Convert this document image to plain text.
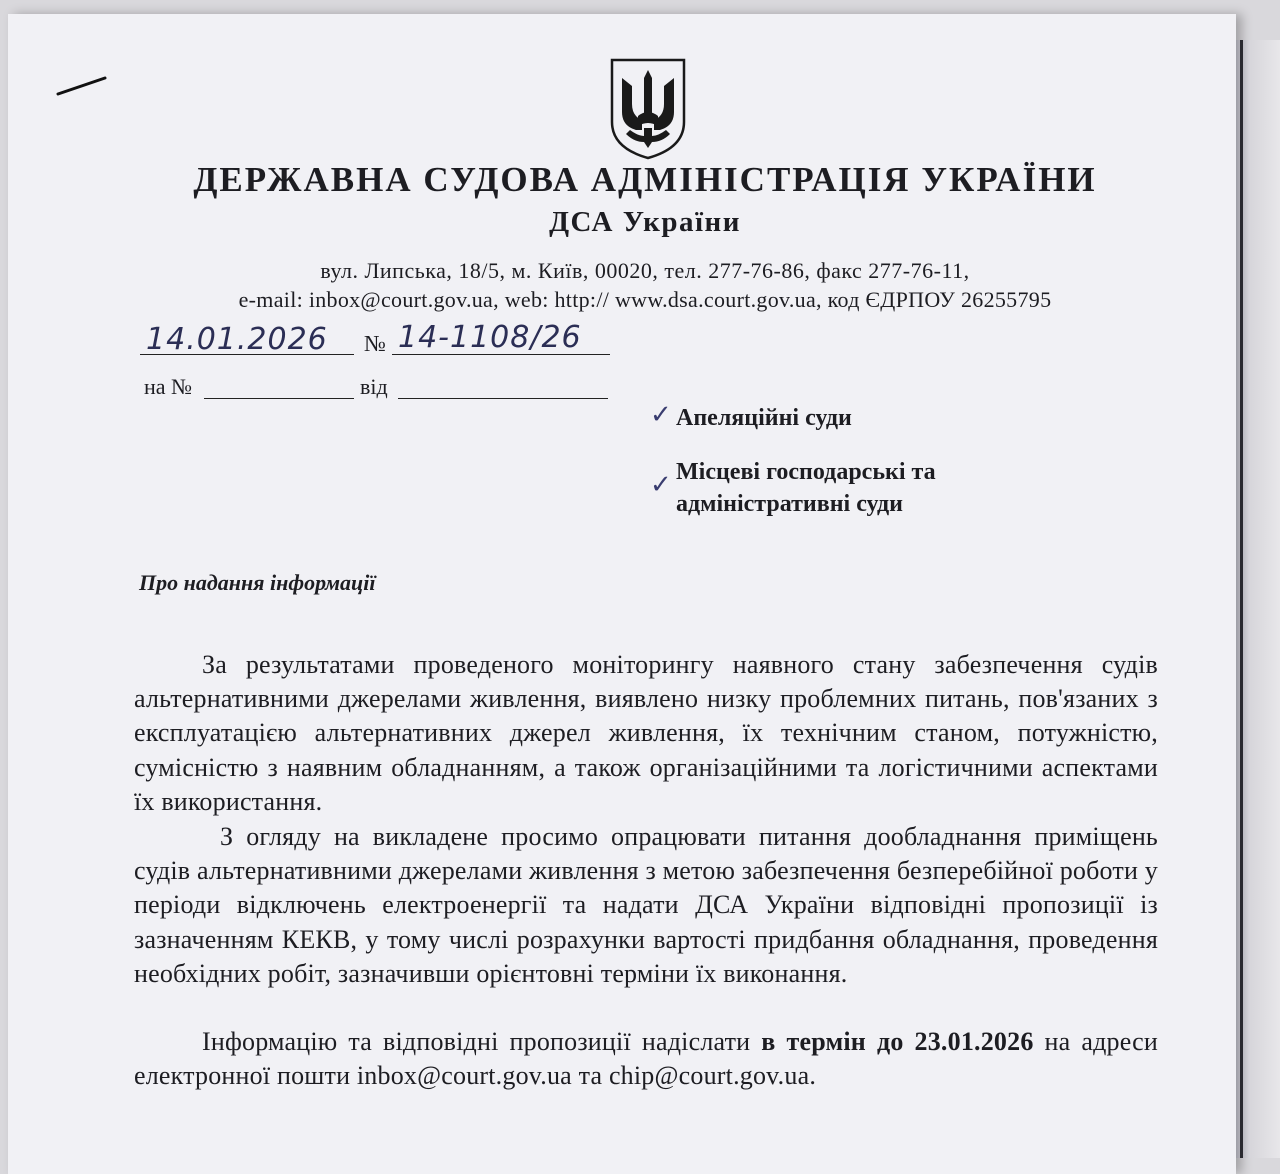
ДЕРЖАВНА СУДОВА АДМІНІСТРАЦІЯ УКРАЇНИ
ДСА України
вул. Липська, 18/5, м. Київ, 00020, тел. 277-76-86, факс 277-76-11,
e-mail: inbox@court.gov.ua, web: http:// www.dsa.court.gov.ua, код ЄДРПОУ 26255795
14.01.2026 № 14-1108/26
на №	від
✓ Апеляційні суди
✓ Місцеві господарські та адміністративні суди
Про надання інформації
За результатами проведеного моніторингу наявного стану забезпечення судів альтернативними джерелами живлення, виявлено низку проблемних питань, пов'язаних з експлуатацією альтернативних джерел живлення, їх технічним станом, потужністю, сумісністю з наявним обладнанням, а також організаційними та логістичними аспектами їх використання.
З огляду на викладене просимо опрацювати питання дообладнання приміщень судів альтернативними джерелами живлення з метою забезпечення безперебійної роботи у періоди відключень електроенергії та надати ДСА України відповідні пропозиції із зазначенням КЕКВ, у тому числі розрахунки вартості придбання обладнання, проведення необхідних робіт, зазначивши орієнтовні терміни їх виконання.
Інформацію та відповідні пропозиції надіслати в термін до 23.01.2026 на адреси електронної пошти inbox@court.gov.ua та chip@court.gov.ua.
